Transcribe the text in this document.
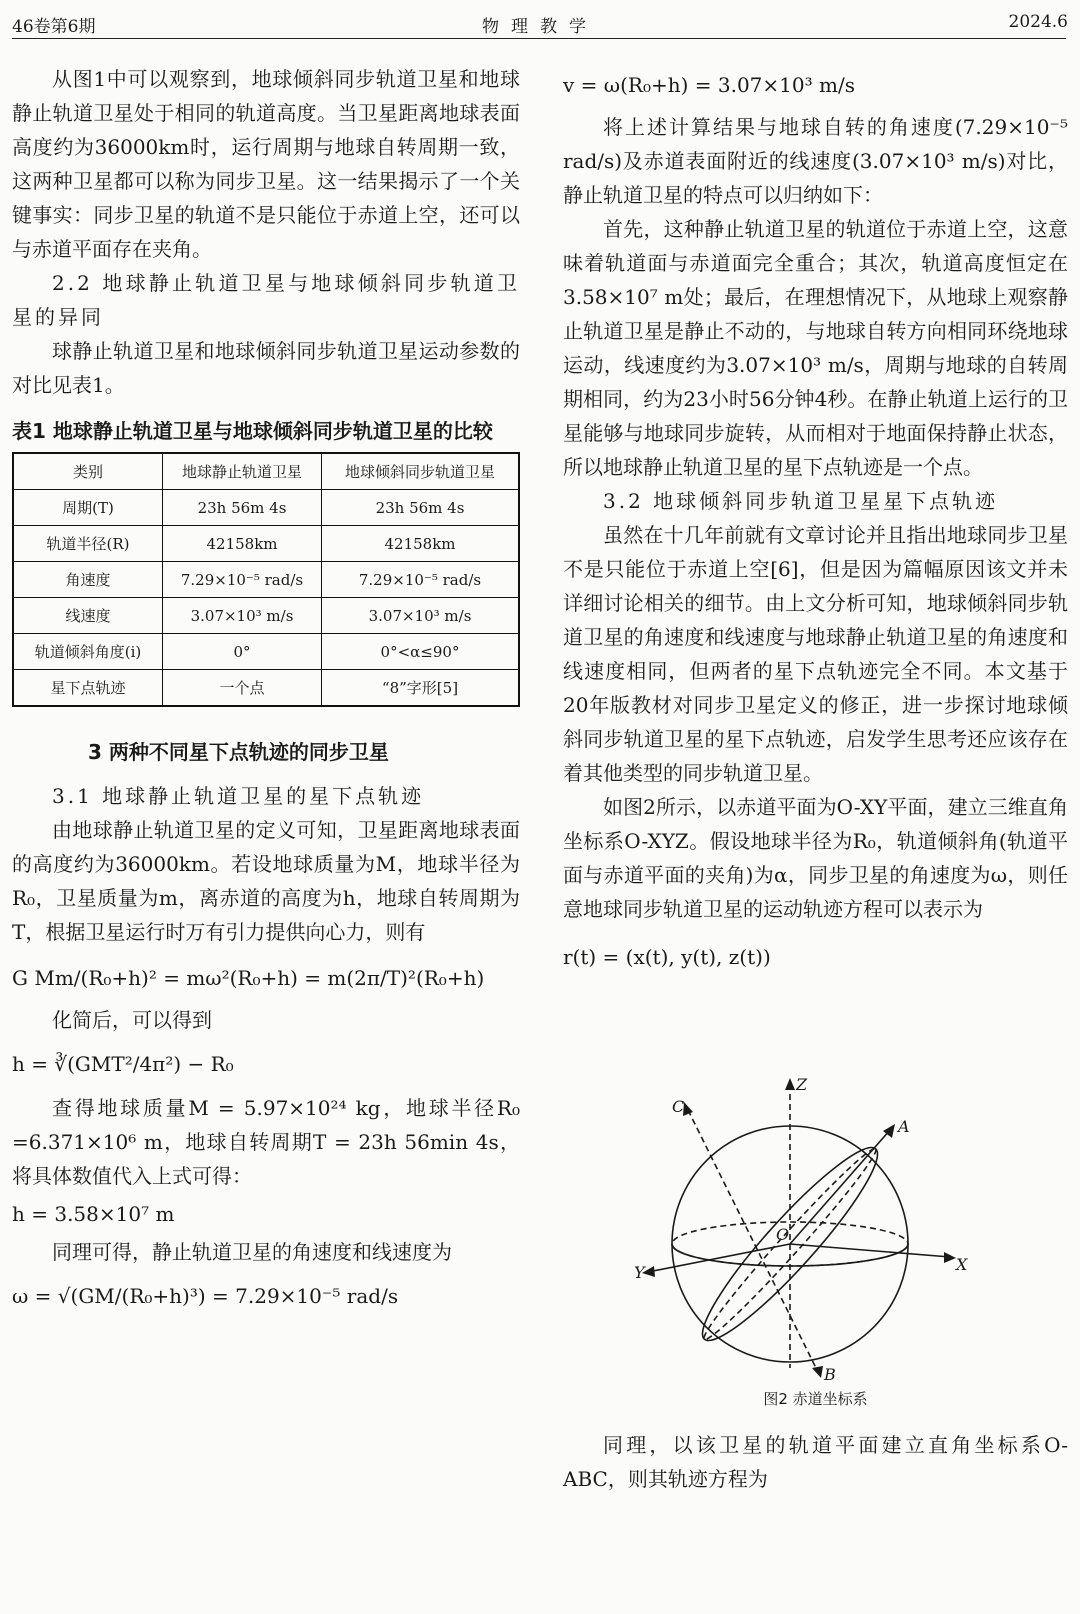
46卷第6期	物理教学	2024.6

从图1中可以观察到，地球倾斜同步轨道卫星和地球静止轨道卫星处于相同的轨道高度。当卫星距离地球表面高度约为36000km时，运行周期与地球自转周期一致，这两种卫星都可以称为同步卫星。这一结果揭示了一个关键事实：同步卫星的轨道不是只能位于赤道上空，还可以与赤道平面存在夹角。

2.2 地球静止轨道卫星与地球倾斜同步轨道卫星的异同

球静止轨道卫星和地球倾斜同步轨道卫星运动参数的对比见表1。

表1 地球静止轨道卫星与地球倾斜同步轨道卫星的比较

类别	地球静止轨道卫星	地球倾斜同步轨道卫星
周期(T)	23h 56m 4s	23h 56m 4s
轨道半径(R)	42158km	42158km
角速度	7.29×10⁻⁵ rad/s	7.29×10⁻⁵ rad/s
线速度	3.07×10³ m/s	3.07×10³ m/s
轨道倾斜角度(i)	0°	0°<α≤90°
星下点轨迹	一个点	“8”字形[5]

3 两种不同星下点轨迹的同步卫星

3.1 地球静止轨道卫星的星下点轨迹

由地球静止轨道卫星的定义可知，卫星距离地球表面的高度约为36000km。若设地球质量为M，地球半径为R₀，卫星质量为m，离赤道的高度为h，地球自转周期为T，根据卫星运行时万有引力提供向心力，则有

G Mm/(R₀+h)² = mω²(R₀+h) = m(2π/T)²(R₀+h)

化简后，可以得到

h = ∛(GMT²/4π²) − R₀

查得地球质量M = 5.97×10²⁴ kg，地球半径R₀ =6.371×10⁶ m，地球自转周期T = 23h 56min 4s，将具体数值代入上式可得：

h = 3.58×10⁷ m

同理可得，静止轨道卫星的角速度和线速度为

ω = √(GM/(R₀+h)³) = 7.29×10⁻⁵ rad/s

v = ω(R₀+h) = 3.07×10³ m/s

将上述计算结果与地球自转的角速度(7.29×10⁻⁵ rad/s)及赤道表面附近的线速度(3.07×10³ m/s)对比，静止轨道卫星的特点可以归纳如下：

首先，这种静止轨道卫星的轨道位于赤道上空，这意味着轨道面与赤道面完全重合；其次，轨道高度恒定在3.58×10⁷ m处；最后，在理想情况下，从地球上观察静止轨道卫星是静止不动的，与地球自转方向相同环绕地球运动，线速度约为3.07×10³ m/s，周期与地球的自转周期相同，约为23小时56分钟4秒。在静止轨道上运行的卫星能够与地球同步旋转，从而相对于地面保持静止状态，所以地球静止轨道卫星的星下点轨迹是一个点。

3.2 地球倾斜同步轨道卫星星下点轨迹

虽然在十几年前就有文章讨论并且指出地球同步卫星不是只能位于赤道上空[6]，但是因为篇幅原因该文并未详细讨论相关的细节。由上文分析可知，地球倾斜同步轨道卫星的角速度和线速度与地球静止轨道卫星的角速度和线速度相同，但两者的星下点轨迹完全不同。本文基于20年版教材对同步卫星定义的修正，进一步探讨地球倾斜同步轨道卫星的星下点轨迹，启发学生思考还应该存在着其他类型的同步轨道卫星。

如图2所示，以赤道平面为O-XY平面，建立三维直角坐标系O-XYZ。假设地球半径为R₀，轨道倾斜角(轨道平面与赤道平面的夹角)为α，同步卫星的角速度为ω，则任意地球同步轨道卫星的运动轨迹方程可以表示为

r(t) = (x(t), y(t), z(t))

Z
C
A
O
Y	X
B
图2 赤道坐标系

同理，以该卫星的轨道平面建立直角坐标系O-ABC，则其轨迹方程为
